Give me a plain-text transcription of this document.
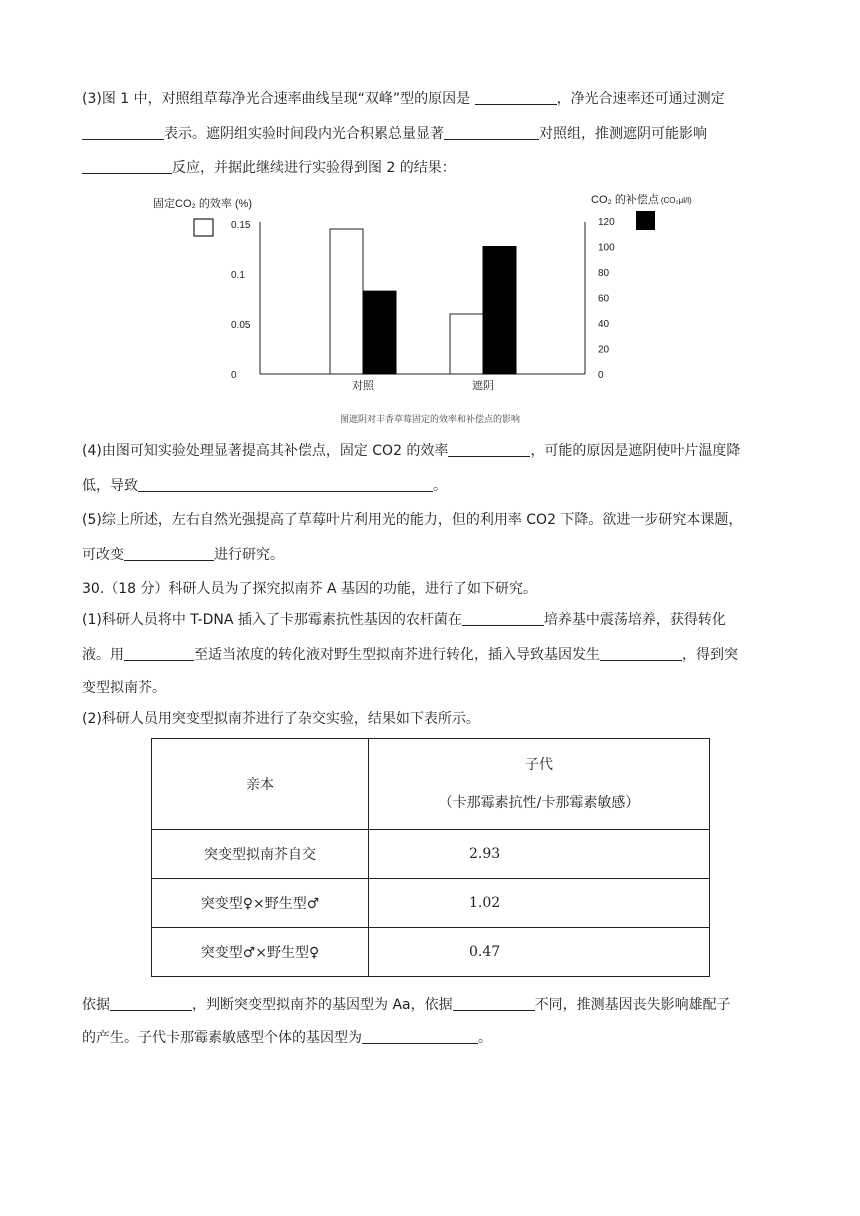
(3)图 1 中，对照组草莓净光合速率曲线呈现“双峰”型的原因是	，净光合速率还可通过测定
表示。遮阴组实验时间段内光合积累总量显著	对照组，推测遮阴可能影响
反应，并据此继续进行实验得到图 2 的结果：
固定CO₂ 的效率 (%)	CO₂ 的补偿点 (CO₂μl/l)
0
0.05
0.1
0.15
0
20
40
60
80
100
120
对照	遮阴
图遮阴对丰香草莓固定的效率和补偿点的影响
(4)由图可知实验处理显著提高其补偿点，固定 CO2 的效率	，可能的原因是遮阴使叶片温度降
低，导致	。
(5)综上所述，左右自然光强提高了草莓叶片利用光的能力，但的利用率 CO2 下降。欲进一步研究本课题，
可改变	进行研究。
30.（18 分）科研人员为了探究拟南芥 A 基因的功能，进行了如下研究。
(1)科研人员将中 T-DNA 插入了卡那霉素抗性基因的农杆菌在	培养基中震荡培养，获得转化
液。用	至适当浓度的转化液对野生型拟南芥进行转化，插入导致基因发生	，得到突
变型拟南芥。
(2)科研人员用突变型拟南芥进行了杂交实验，结果如下表所示。
亲本	子代
（卡那霉素抗性/卡那霉素敏感）

突变型拟南芥自交	2.93
突变型♀×野生型♂	1.02
突变型♂×野生型♀	0.47
依据	，判断突变型拟南芥的基因型为 Aa，依据	不同，推测基因丧失影响雄配子
的产生。子代卡那霉素敏感型个体的基因型为	。
